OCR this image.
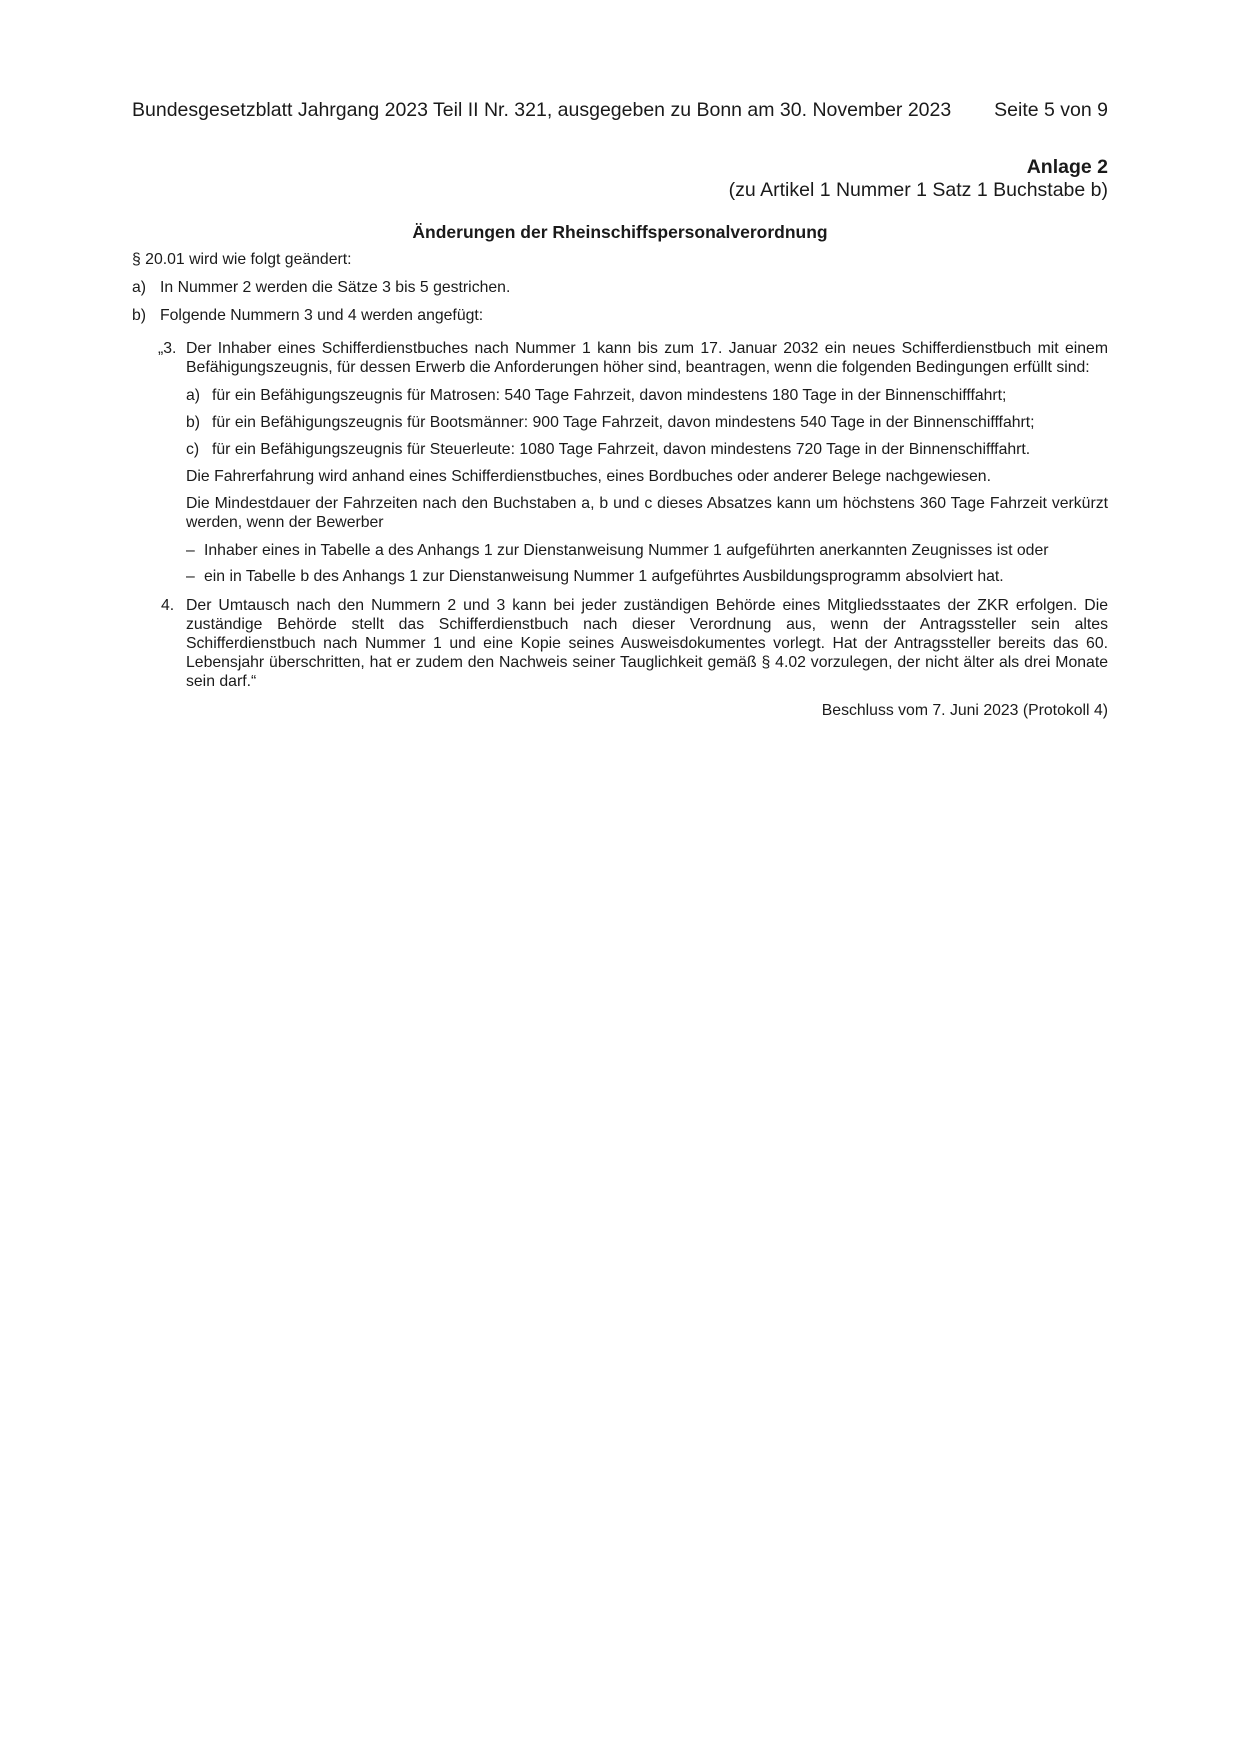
Bundesgesetzblatt Jahrgang 2023 Teil II Nr. 321, ausgegeben zu Bonn am 30. November 2023 Seite 5 von 9
Anlage 2
(zu Artikel 1 Nummer 1 Satz 1 Buchstabe b)
Änderungen der Rheinschiffspersonalverordnung

§ 20.01 wird wie folgt geändert:

a) In Nummer 2 werden die Sätze 3 bis 5 gestrichen.

b) Folgende Nummern 3 und 4 werden angefügt:

„3. Der Inhaber eines Schifferdienstbuches nach Nummer 1 kann bis zum 17. Januar 2032 ein neues Schifferdienstbuch mit einem Befähigungszeugnis, für dessen Erwerb die Anforderungen höher sind, beantragen, wenn die folgenden Bedingungen erfüllt sind:

a) für ein Befähigungszeugnis für Matrosen: 540 Tage Fahrzeit, davon mindestens 180 Tage in der Binnenschifffahrt;
b) für ein Befähigungszeugnis für Bootsmänner: 900 Tage Fahrzeit, davon mindestens 540 Tage in der Binnenschifffahrt;
c) für ein Befähigungszeugnis für Steuerleute: 1080 Tage Fahrzeit, davon mindestens 720 Tage in der Binnenschifffahrt.

Die Fahrerfahrung wird anhand eines Schifferdienstbuches, eines Bordbuches oder anderer Belege nachgewiesen.

Die Mindestdauer der Fahrzeiten nach den Buchstaben a, b und c dieses Absatzes kann um höchstens 360 Tage Fahrzeit verkürzt werden, wenn der Bewerber

– Inhaber eines in Tabelle a des Anhangs 1 zur Dienstanweisung Nummer 1 aufgeführten anerkannten Zeugnisses ist oder
– ein in Tabelle b des Anhangs 1 zur Dienstanweisung Nummer 1 aufgeführtes Ausbildungsprogramm absolviert hat.
4. Der Umtausch nach den Nummern 2 und 3 kann bei jeder zuständigen Behörde eines Mitgliedsstaates der ZKR erfolgen. Die zuständige Behörde stellt das Schifferdienstbuch nach dieser Verordnung aus, wenn der Antragssteller sein altes Schifferdienstbuch nach Nummer 1 und eine Kopie seines Ausweisdokumentes vorlegt. Hat der Antragssteller bereits das 60. Lebensjahr überschritten, hat er zudem den Nachweis seiner Tauglichkeit gemäß § 4.02 vorzulegen, der nicht älter als drei Monate sein darf.“

Beschluss vom 7. Juni 2023 (Protokoll 4)
